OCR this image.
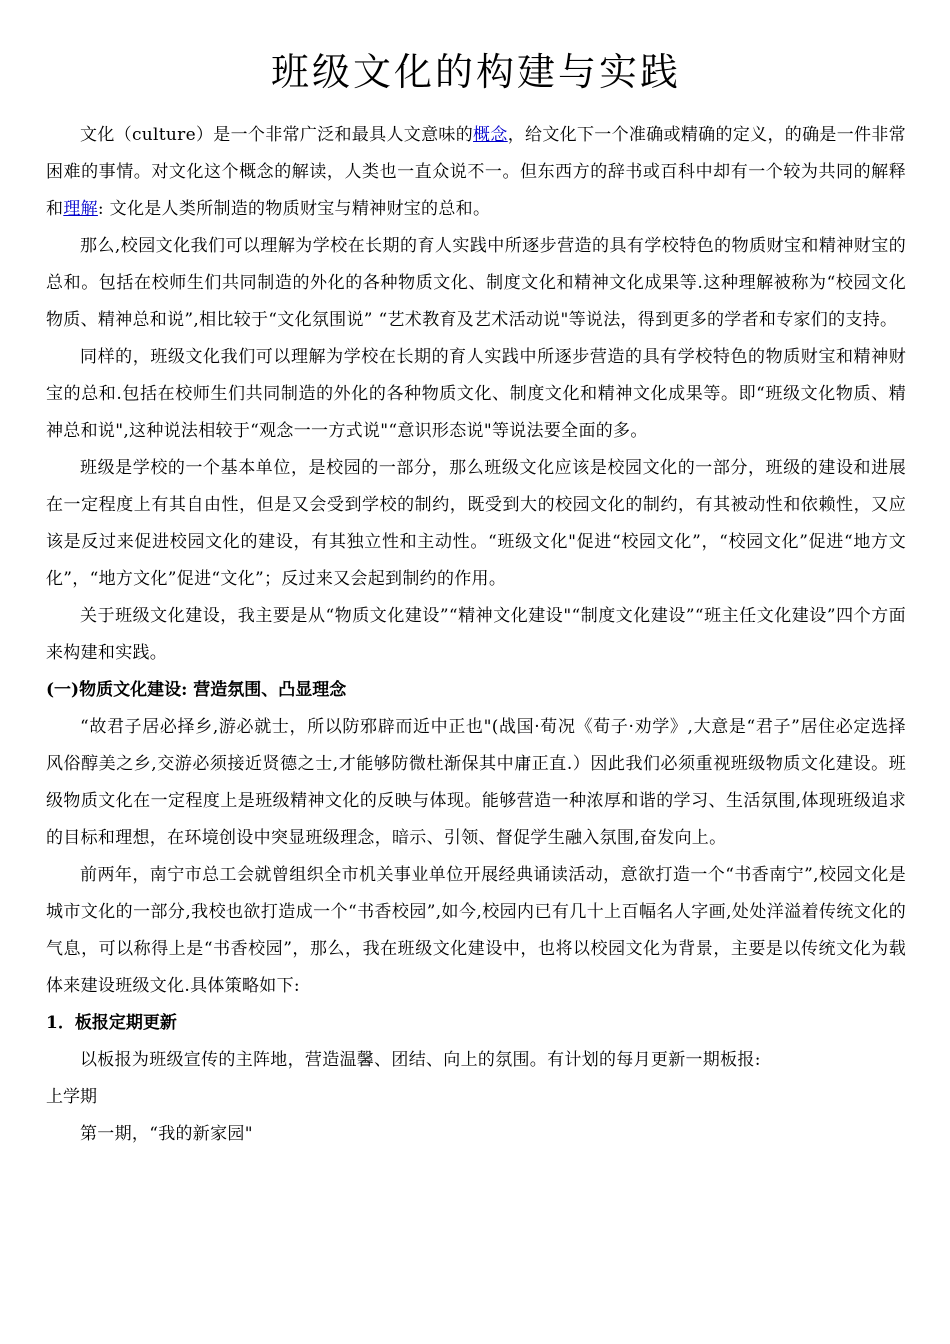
班级文化的构建与实践

文化（culture）是一个非常广泛和最具人文意味的概念，给文化下一个准确或精确的定义，的确是一件非常困难的事情。对文化这个概念的解读，人类也一直众说不一。但东西方的辞书或百科中却有一个较为共同的解释和理解: 文化是人类所制造的物质财宝与精神财宝的总和。

那么,校园文化我们可以理解为学校在长期的育人实践中所逐步营造的具有学校特色的物质财宝和精神财宝的总和。包括在校师生们共同制造的外化的各种物质文化、制度文化和精神文化成果等.这种理解被称为“校园文化物质、精神总和说”,相比较于“文化氛围说” “艺术教育及艺术活动说"等说法，得到更多的学者和专家们的支持。

同样的，班级文化我们可以理解为学校在长期的育人实践中所逐步营造的具有学校特色的物质财宝和精神财宝的总和.包括在校师生们共同制造的外化的各种物质文化、制度文化和精神文化成果等。即“班级文化物质、精神总和说",这种说法相较于“观念一一方式说"“意识形态说"等说法要全面的多。

班级是学校的一个基本单位，是校园的一部分，那么班级文化应该是校园文化的一部分，班级的建设和进展在一定程度上有其自由性，但是又会受到学校的制约，既受到大的校园文化的制约，有其被动性和依赖性，又应该是反过来促进校园文化的建设，有其独立性和主动性。“班级文化"促进“校园文化”，“校园文化”促进“地方文化”，“地方文化”促进“文化”；反过来又会起到制约的作用。

关于班级文化建设，我主要是从“物质文化建设”“精神文化建设"“制度文化建设”“班主任文化建设”四个方面来构建和实践。

(一)物质文化建设: 营造氛围、凸显理念

“故君子居必择乡,游必就士，所以防邪辟而近中正也"(战国·荀况《荀子·劝学》,大意是“君子”居住必定选择风俗醇美之乡,交游必须接近贤德之士,才能够防微杜渐保其中庸正直.）因此我们必须重视班级物质文化建设。班级物质文化在一定程度上是班级精神文化的反映与体现。能够营造一种浓厚和谐的学习、生活氛围,体现班级追求的目标和理想，在环境创设中突显班级理念，暗示、引领、督促学生融入氛围,奋发向上。

前两年，南宁市总工会就曾组织全市机关事业单位开展经典诵读活动，意欲打造一个“书香南宁”,校园文化是城市文化的一部分,我校也欲打造成一个“书香校园”,如今,校园内已有几十上百幅名人字画,处处洋溢着传统文化的气息，可以称得上是“书香校园”，那么，我在班级文化建设中，也将以校园文化为背景，主要是以传统文化为载体来建设班级文化.具体策略如下:

1．板报定期更新

以板报为班级宣传的主阵地，营造温馨、团结、向上的氛围。有计划的每月更新一期板报:

上学期

第一期，“我的新家园"
